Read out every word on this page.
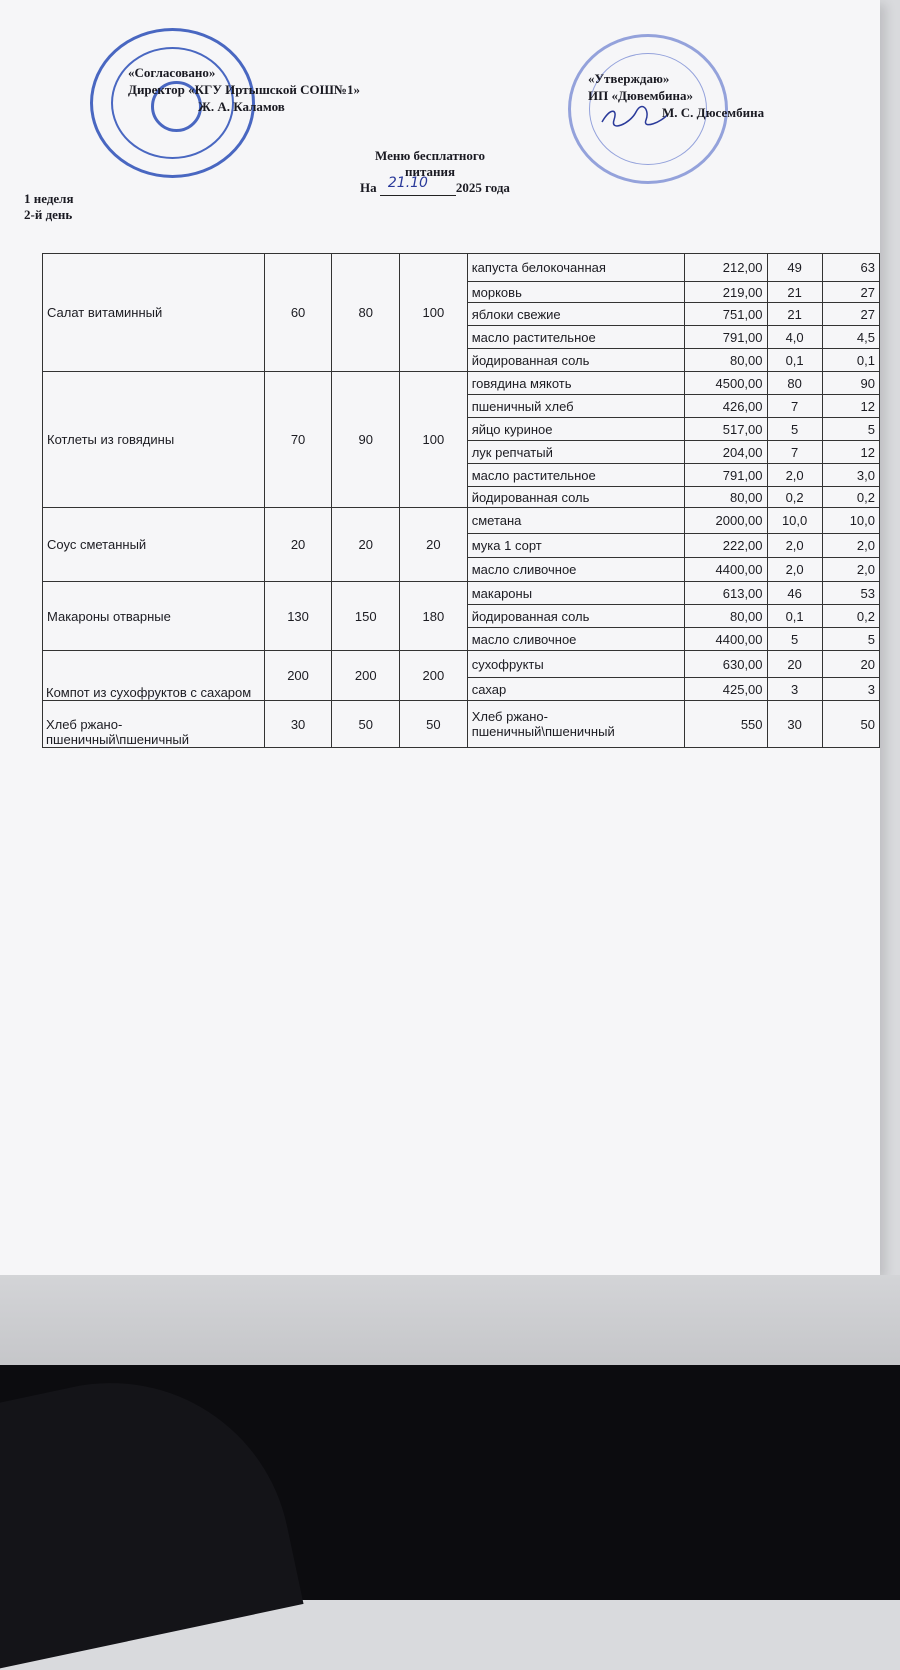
«Согласовано»
Директор «КГУ Иртышской СОШ№1»
Ж. А. Каламов
«Утверждаю»
ИП «Дювембина»
М. С. Дюсембина
Меню бесплатного
питания
На 21.10 2025 года
1 неделя
2-й день
Салат витаминный	60	80	100	капуста белокочанная	212,00	49	63
				морковь	219,00	21	27
				яблоки свежие	751,00	21	27
				масло растительное	791,00	4,0	4,5
				йодированная соль	80,00	0,1	0,1
Котлеты из говядины	70	90	100	говядина мякоть	4500,00	80	90
				пшеничный хлеб	426,00	7	12
				яйцо куриное	517,00	5	5
				лук репчатый	204,00	7	12
				масло растительное	791,00	2,0	3,0
				йодированная соль	80,00	0,2	0,2
Соус сметанный	20	20	20	сметана	2000,00	10,0	10,0
				мука 1 сорт	222,00	2,0	2,0
				масло сливочное	4400,00	2,0	2,0
Макароны отварные	130	150	180	макароны	613,00	46	53
				йодированная соль	80,00	0,1	0,2
				масло сливочное	4400,00	5	5
Компот из сухофруктов с сахаром	200	200	200	сухофрукты	630,00	20	20
				сахар	425,00	3	3
Хлеб ржано-пшеничный\пшеничный	30	50	50	Хлеб ржано-пшеничный\пшеничный	550	30	50
